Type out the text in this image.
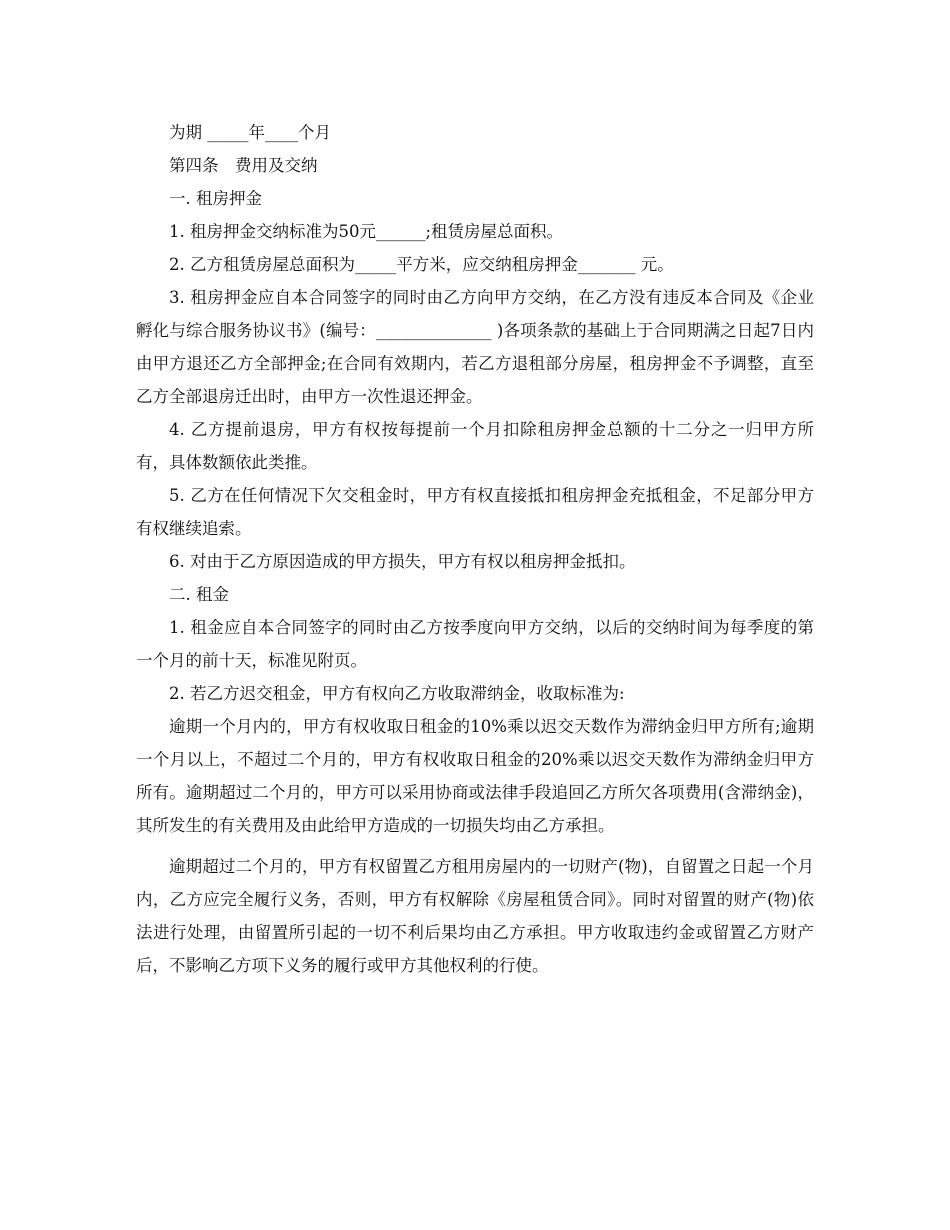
为期 _____年____个月

第四条　费用及交纳

一. 租房押金

1. 租房押金交纳标准为50元______;租赁房屋总面积。

2. 乙方租赁房屋总面积为_____平方米，应交纳租房押金_______ 元。

3. 租房押金应自本合同签字的同时由乙方向甲方交纳，在乙方没有违反本合同及《企业孵化与综合服务协议书》(编号：______________ )各项条款的基础上于合同期满之日起7日内由甲方退还乙方全部押金;在合同有效期内，若乙方退租部分房屋，租房押金不予调整，直至乙方全部退房迁出时，由甲方一次性退还押金。

4. 乙方提前退房，甲方有权按每提前一个月扣除租房押金总额的十二分之一归甲方所有，具体数额依此类推。

5. 乙方在任何情况下欠交租金时，甲方有权直接抵扣租房押金充抵租金，不足部分甲方有权继续追索。

6. 对由于乙方原因造成的甲方损失，甲方有权以租房押金抵扣。

二. 租金

1. 租金应自本合同签字的同时由乙方按季度向甲方交纳，以后的交纳时间为每季度的第一个月的前十天，标准见附页。

2. 若乙方迟交租金，甲方有权向乙方收取滞纳金，收取标准为:

逾期一个月内的，甲方有权收取日租金的10%乘以迟交天数作为滞纳金归甲方所有;逾期一个月以上，不超过二个月的，甲方有权收取日租金的20%乘以迟交天数作为滞纳金归甲方所有。逾期超过二个月的，甲方可以采用协商或法律手段追回乙方所欠各项费用(含滞纳金)，其所发生的有关费用及由此给甲方造成的一切损失均由乙方承担。

逾期超过二个月的，甲方有权留置乙方租用房屋内的一切财产(物)，自留置之日起一个月内，乙方应完全履行义务，否则，甲方有权解除《房屋租赁合同》。同时对留置的财产(物)依法进行处理，由留置所引起的一切不利后果均由乙方承担。甲方收取违约金或留置乙方财产后，不影响乙方项下义务的履行或甲方其他权利的行使。
